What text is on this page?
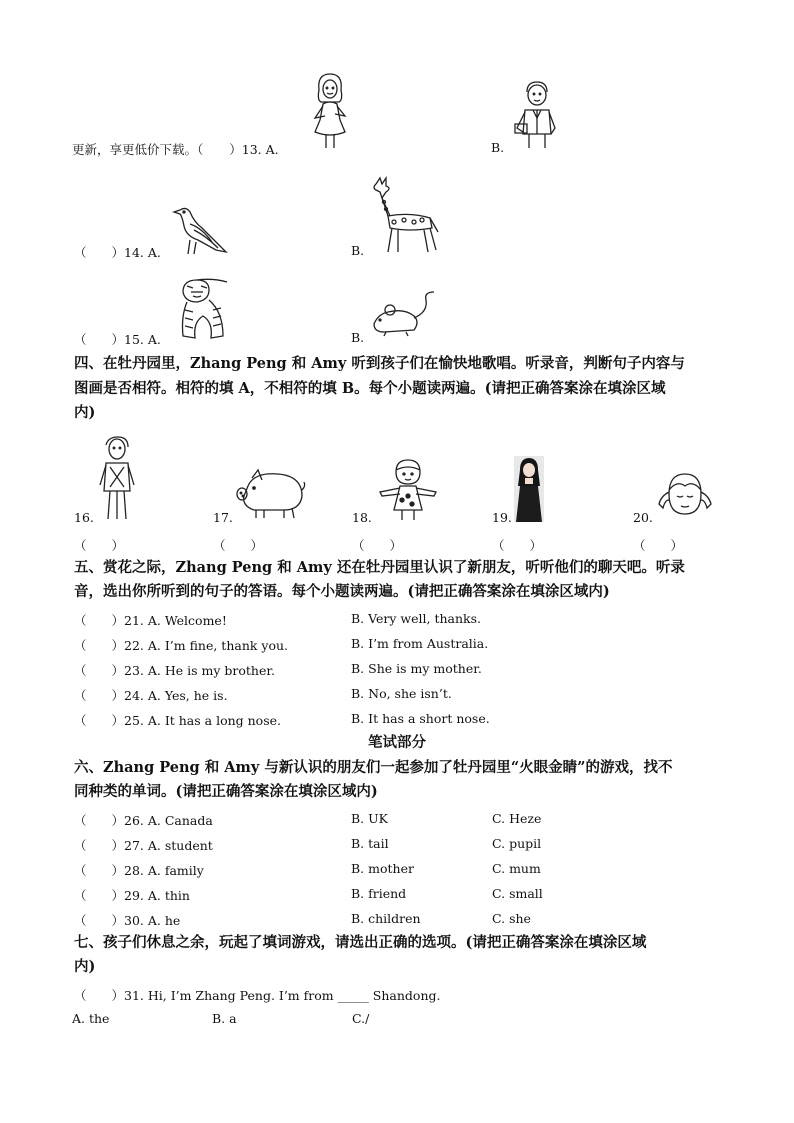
更新，享更低价下载。（ ）13. A.	B.
（　　）14. A.	B.
（　　）15. A.	B.
四、在牡丹园里，Zhang Peng 和 Amy 听到孩子们在愉快地歌唱。听录音，判断句子内容与
图画是否相符。相符的填 A，不相符的填 B。每个小题读两遍。(请把正确答案涂在填涂区域
内)
16.	17.	18.	19.	20.
（　　）	（　　）	（　　）	（　　）	（　　）
五、赏花之际，Zhang Peng 和 Amy 还在牡丹园里认识了新朋友，听听他们的聊天吧。听录
音，选出你所听到的句子的答语。每个小题读两遍。(请把正确答案涂在填涂区域内)
（　　）21. A. Welcome!	B. Very well, thanks.
（　　）22. A. I’m fine, thank you.	B. I’m from Australia.
（　　）23. A. He is my brother.	B. She is my mother.
（　　）24. A. Yes, he is.	B. No, she isn’t.
（　　）25. A. It has a long nose.	B. It has a short nose.
笔试部分
六、Zhang Peng 和 Amy 与新认识的朋友们一起参加了牡丹园里“火眼金睛”的游戏，找不
同种类的单词。(请把正确答案涂在填涂区域内)
（　　）26. A. Canada	B. UK	C. Heze
（　　）27. A. student	B. tail	C. pupil
（　　）28. A. family	B. mother	C. mum
（　　）29. A. thin	B. friend	C. small
（　　）30. A. he	B. children	C. she
七、孩子们休息之余，玩起了填词游戏，请选出正确的选项。(请把正确答案涂在填涂区域
内)
（　　）31. Hi, I’m Zhang Peng. I’m from _____ Shandong.
A. the	B. a	C./
